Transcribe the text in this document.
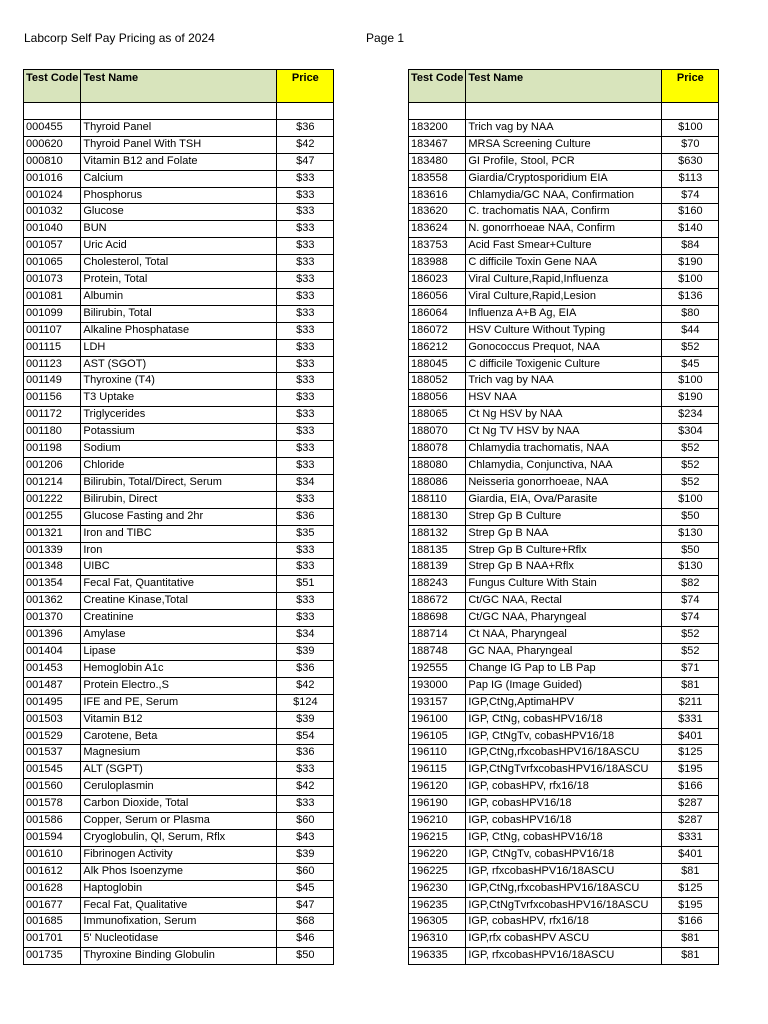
Labcorp Self Pay Pricing as of 2024	Page 1
Test Code	Test Name	Price

000455	Thyroid Panel	$36
000620	Thyroid Panel With TSH	$42
000810	Vitamin B12 and Folate	$47
001016	Calcium	$33
001024	Phosphorus	$33
001032	Glucose	$33
001040	BUN	$33
001057	Uric Acid	$33
001065	Cholesterol, Total	$33
001073	Protein, Total	$33
001081	Albumin	$33
001099	Bilirubin, Total	$33
001107	Alkaline Phosphatase	$33
001115	LDH	$33
001123	AST (SGOT)	$33
001149	Thyroxine (T4)	$33
001156	T3 Uptake	$33
001172	Triglycerides	$33
001180	Potassium	$33
001198	Sodium	$33
001206	Chloride	$33
001214	Bilirubin, Total/Direct, Serum	$34
001222	Bilirubin, Direct	$33
001255	Glucose Fasting and 2hr	$36
001321	Iron and TIBC	$35
001339	Iron	$33
001348	UIBC	$33
001354	Fecal Fat, Quantitative	$51
001362	Creatine Kinase,Total	$33
001370	Creatinine	$33
001396	Amylase	$34
001404	Lipase	$39
001453	Hemoglobin A1c	$36
001487	Protein Electro.,S	$42
001495	IFE and PE, Serum	$124
001503	Vitamin B12	$39
001529	Carotene, Beta	$54
001537	Magnesium	$36
001545	ALT (SGPT)	$33
001560	Ceruloplasmin	$42
001578	Carbon Dioxide, Total	$33
001586	Copper, Serum or Plasma	$60
001594	Cryoglobulin, Ql, Serum, Rflx	$43
001610	Fibrinogen Activity	$39
001612	Alk Phos Isoenzyme	$60
001628	Haptoglobin	$45
001677	Fecal Fat, Qualitative	$47
001685	Immunofixation, Serum	$68
001701	5' Nucleotidase	$46
001735	Thyroxine Binding Globulin	$50
Test Code	Test Name	Price

183200	Trich vag by NAA	$100
183467	MRSA Screening Culture	$70
183480	GI Profile, Stool, PCR	$630
183558	Giardia/Cryptosporidium EIA	$113
183616	Chlamydia/GC NAA, Confirmation	$74
183620	C. trachomatis NAA, Confirm	$160
183624	N. gonorrhoeae NAA, Confirm	$140
183753	Acid Fast Smear+Culture	$84
183988	C difficile Toxin Gene NAA	$190
186023	Viral Culture,Rapid,Influenza	$100
186056	Viral Culture,Rapid,Lesion	$136
186064	Influenza A+B Ag, EIA	$80
186072	HSV Culture Without Typing	$44
186212	Gonococcus Prequot, NAA	$52
188045	C difficile Toxigenic Culture	$45
188052	Trich vag by NAA	$100
188056	HSV NAA	$190
188065	Ct Ng HSV by NAA	$234
188070	Ct Ng TV HSV by NAA	$304
188078	Chlamydia trachomatis, NAA	$52
188080	Chlamydia, Conjunctiva, NAA	$52
188086	Neisseria gonorrhoeae, NAA	$52
188110	Giardia, EIA, Ova/Parasite	$100
188130	Strep Gp B Culture	$50
188132	Strep Gp B NAA	$130
188135	Strep Gp B Culture+Rflx	$50
188139	Strep Gp B NAA+Rflx	$130
188243	Fungus Culture With Stain	$82
188672	Ct/GC NAA, Rectal	$74
188698	Ct/GC NAA, Pharyngeal	$74
188714	Ct NAA, Pharyngeal	$52
188748	GC NAA, Pharyngeal	$52
192555	Change IG Pap to LB Pap	$71
193000	Pap IG (Image Guided)	$81
193157	IGP,CtNg,AptimaHPV	$211
196100	IGP, CtNg, cobasHPV16/18	$331
196105	IGP, CtNgTv, cobasHPV16/18	$401
196110	IGP,CtNg,rfxcobasHPV16/18ASCU	$125
196115	IGP,CtNgTvrfxcobasHPV16/18ASCU	$195
196120	IGP, cobasHPV, rfx16/18	$166
196190	IGP, cobasHPV16/18	$287
196210	IGP, cobasHPV16/18	$287
196215	IGP, CtNg, cobasHPV16/18	$331
196220	IGP, CtNgTv, cobasHPV16/18	$401
196225	IGP, rfxcobasHPV16/18ASCU	$81
196230	IGP,CtNg,rfxcobasHPV16/18ASCU	$125
196235	IGP,CtNgTvrfxcobasHPV16/18ASCU	$195
196305	IGP, cobasHPV, rfx16/18	$166
196310	IGP,rfx cobasHPV ASCU	$81
196335	IGP, rfxcobasHPV16/18ASCU	$81
